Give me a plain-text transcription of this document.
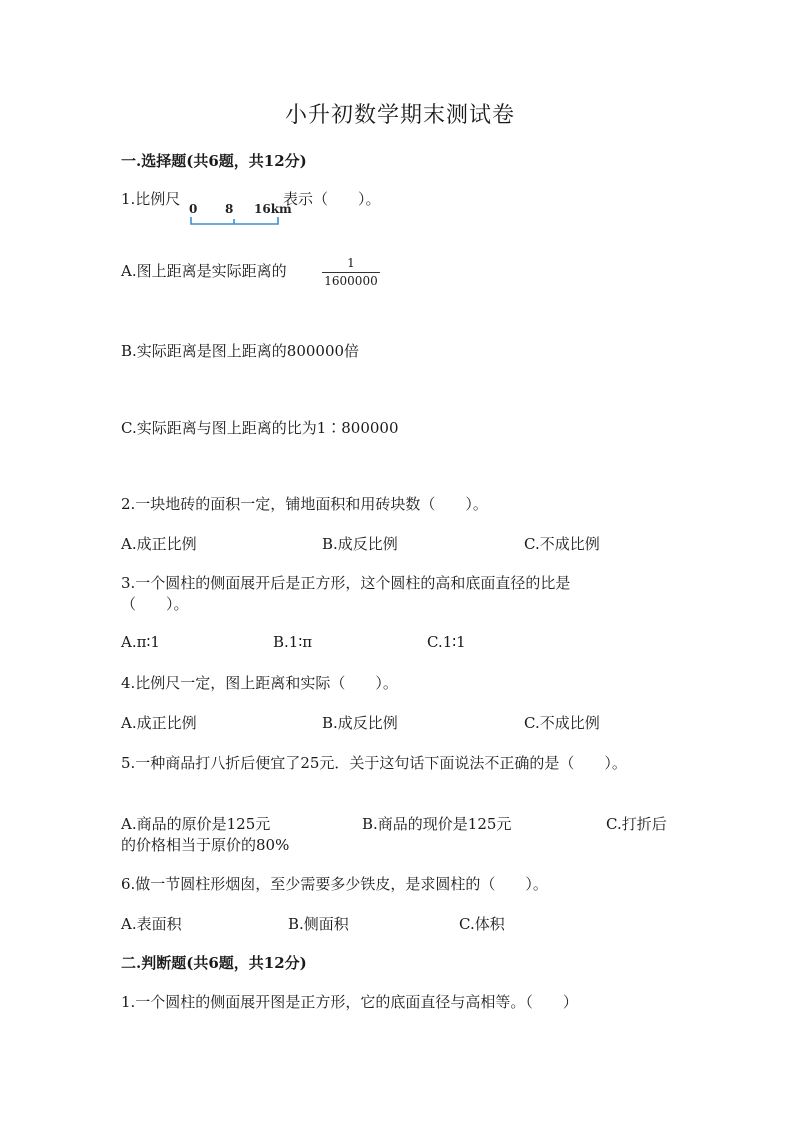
小升初数学期末测试卷
一.选择题(共6题，共12分)
1.比例尺
0 8 16km
表示（　　）。
A.图上距离是实际距离的	1
1600000
B.实际距离是图上距离的800000倍
C.实际距离与图上距离的比为1∶800000
2.一块地砖的面积一定，铺地面积和用砖块数（　　）。
A.成正比例	B.成反比例	C.不成比例
3.一个圆柱的侧面展开后是正方形，这个圆柱的高和底面直径的比是
（　　）。
A.π∶1	B.1∶π	C.1∶1
4.比例尺一定，图上距离和实际（　　）。
A.成正比例	B.成反比例	C.不成比例
5.一种商品打八折后便宜了25元．关于这句话下面说法不正确的是（　　）。
A.商品的原价是125元	B.商品的现价是125元	C.打折后
的价格相当于原价的80%
6.做一节圆柱形烟囱，至少需要多少铁皮，是求圆柱的（　　）。
A.表面积	B.侧面积	C.体积
二.判断题(共6题，共12分)
1.一个圆柱的侧面展开图是正方形，它的底面直径与高相等。（　　）
